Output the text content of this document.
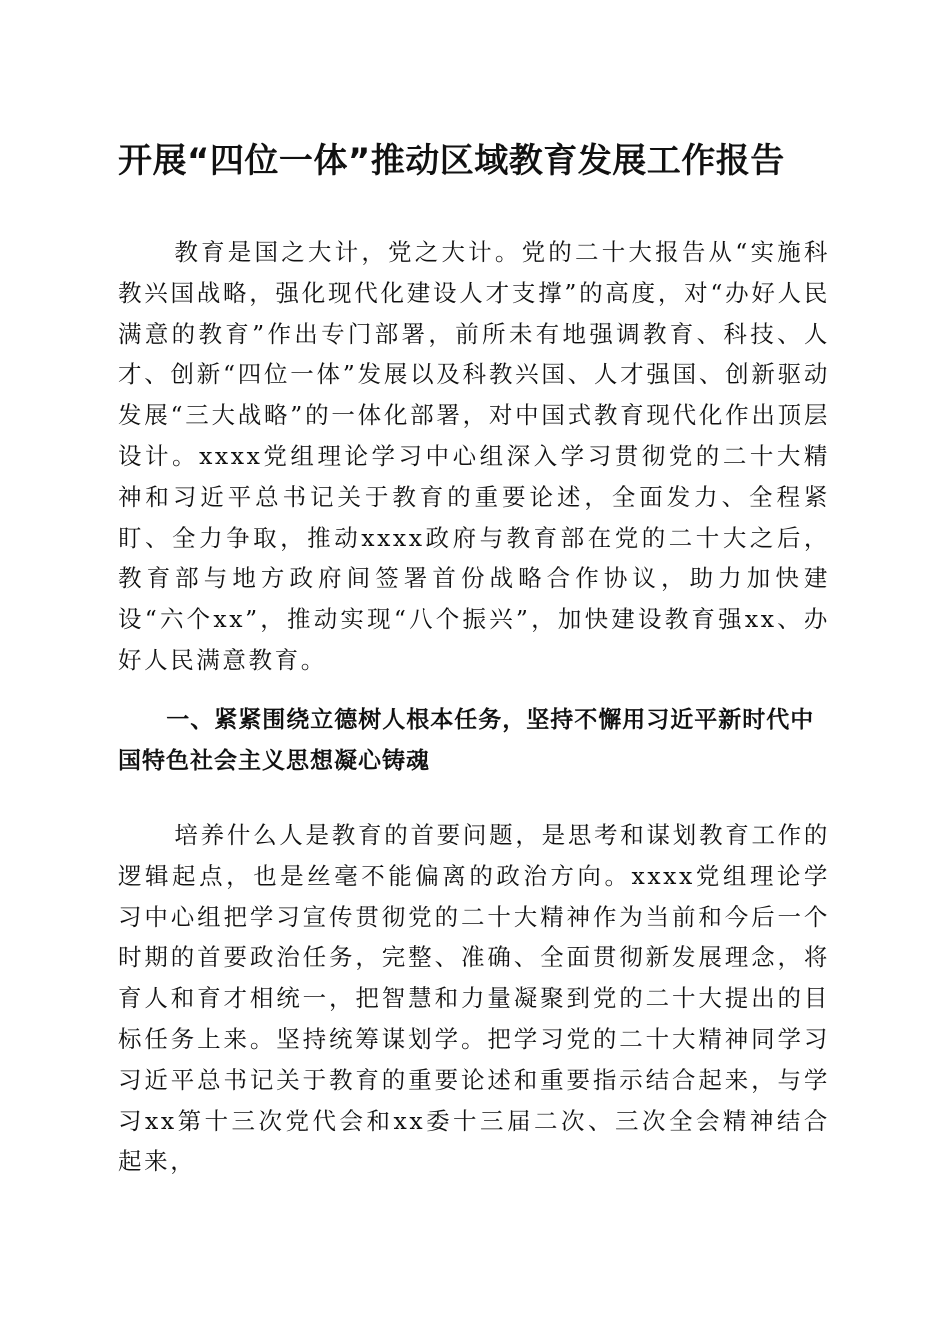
开展“四位一体”推动区域教育发展工作报告

教育是国之大计，党之大计。党的二十大报告从“实施科教兴国战略，强化现代化建设人才支撑”的高度，对“办好人民满意的教育”作出专门部署，前所未有地强调教育、科技、人才、创新“四位一体”发展以及科教兴国、人才强国、创新驱动发展“三大战略”的一体化部署，对中国式教育现代化作出顶层设计。xxxx党组理论学习中心组深入学习贯彻党的二十大精神和习近平总书记关于教育的重要论述，全面发力、全程紧盯、全力争取，推动xxxx政府与教育部在党的二十大之后，教育部与地方政府间签署首份战略合作协议，助力加快建设“六个xx”，推动实现“八个振兴”，加快建设教育强xx、办好人民满意教育。

一、紧紧围绕立德树人根本任务，坚持不懈用习近平新时代中国特色社会主义思想凝心铸魂

培养什么人是教育的首要问题，是思考和谋划教育工作的逻辑起点，也是丝毫不能偏离的政治方向。xxxx党组理论学习中心组把学习宣传贯彻党的二十大精神作为当前和今后一个时期的首要政治任务，完整、准确、全面贯彻新发展理念，将育人和育才相统一，把智慧和力量凝聚到党的二十大提出的目标任务上来。坚持统筹谋划学。把学习党的二十大精神同学习习近平总书记关于教育的重要论述和重要指示结合起来，与学习xx第十三次党代会和xx委十三届二次、三次全会精神结合起来，
